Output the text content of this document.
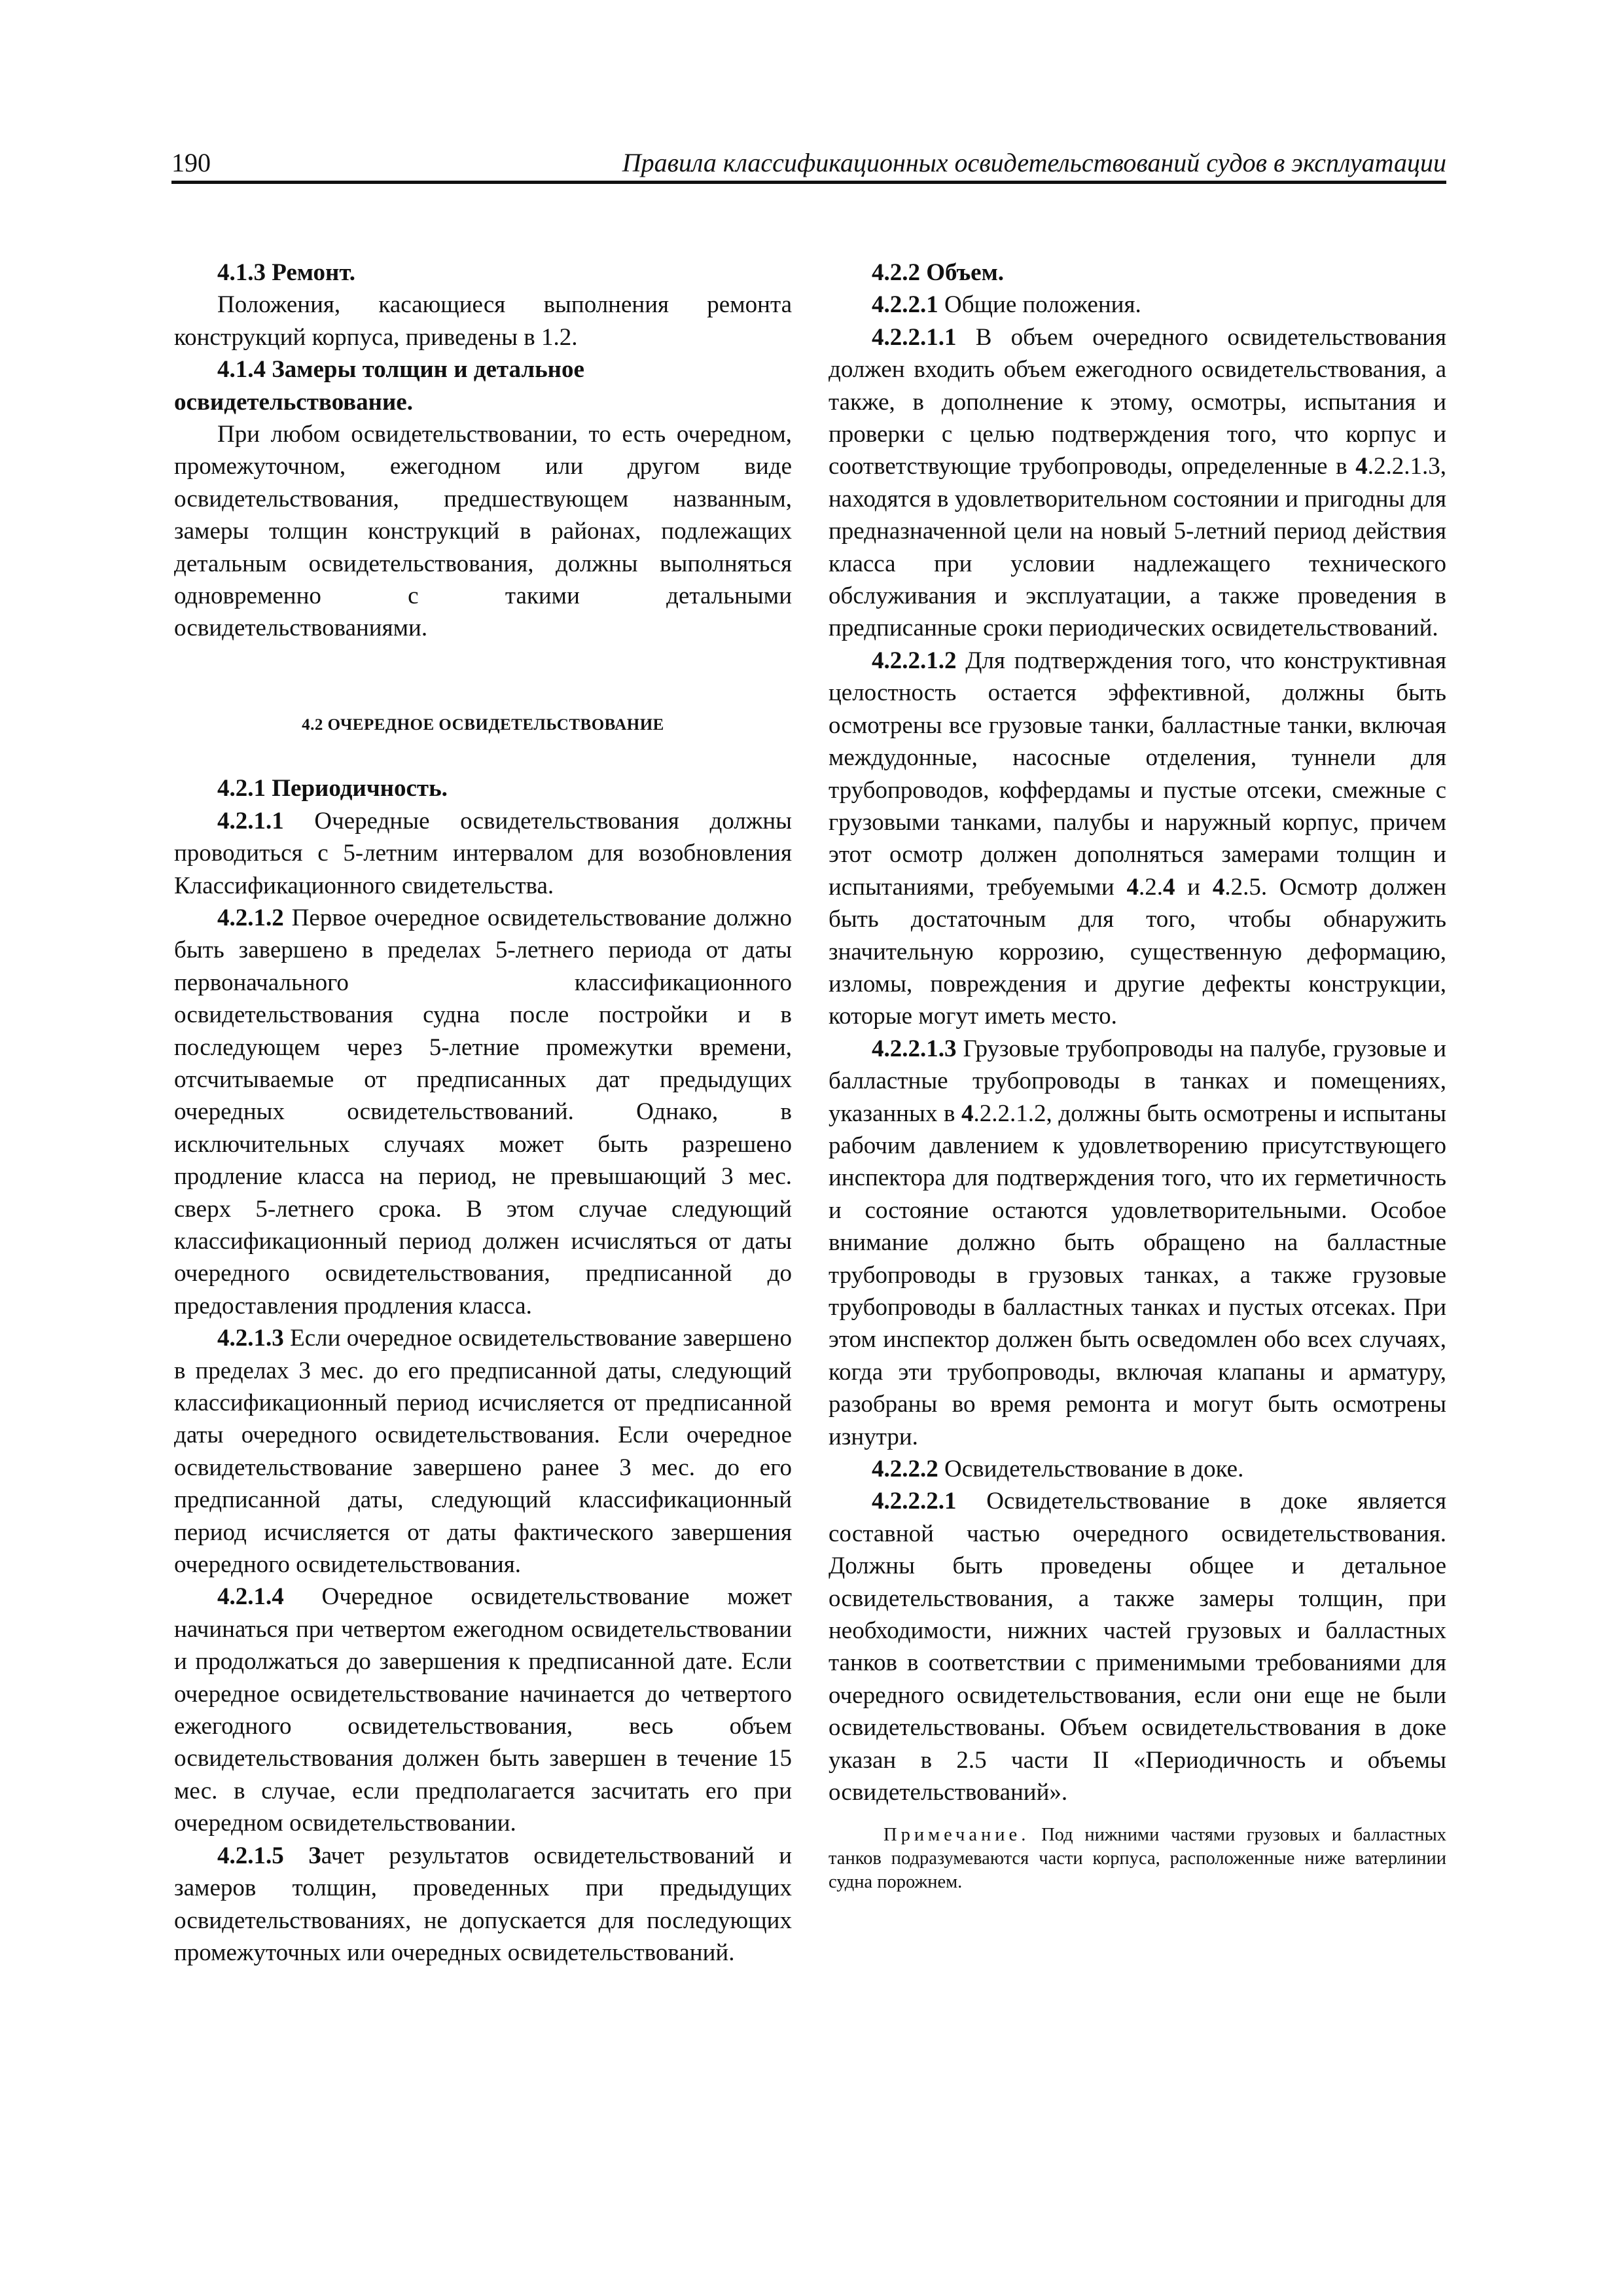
190	Правила классификационных освидетельствований судов в эксплуатации

4.1.3 Ремонт.

Положения, касающиеся выполнения ремонта конструкций корпуса, приведены в 1.2.

4.1.4 Замеры толщин и детальное освидетельствование.

При любом освидетельствовании, то есть очередном, промежуточном, ежегодном или другом виде освидетельствования, предшествующем названным, замеры толщин конструкций в районах, подлежащих детальным освидетельствования, должны выполняться одновременно с такими детальными освидетельствованиями.

4.2 ОЧЕРЕДНОЕ ОСВИДЕТЕЛЬСТВОВАНИЕ

4.2.1 Периодичность.

4.2.1.1 Очередные освидетельствования должны проводиться с 5-летним интервалом для возобновления Классификационного свидетельства.

4.2.1.2 Первое очередное освидетельствование должно быть завершено в пределах 5-летнего периода от даты первоначального классификационного освидетельствования судна после постройки и в последующем через 5-летние промежутки времени, отсчитываемые от предписанных дат предыдущих очередных освидетельствований. Однако, в исключительных случаях может быть разрешено продление класса на период, не превышающий 3 мес. сверх 5-летнего срока. В этом случае следующий классификационный период должен исчисляться от даты очередного освидетельствования, предписанной до предоставления продления класса.

4.2.1.3 Если очередное освидетельствование завершено в пределах 3 мес. до его предписанной даты, следующий классификационный период исчисляется от предписанной даты очередного освидетельствования. Если очередное освидетельствование завершено ранее 3 мес. до его предписанной даты, следующий классификационный период исчисляется от даты фактического завершения очередного освидетельствования.

4.2.1.4 Очередное освидетельствование может начинаться при четвертом ежегодном освидетельствовании и продолжаться до завершения к предписанной дате. Если очередное освидетельствование начинается до четвертого ежегодного освидетельствования, весь объем освидетельствования должен быть завершен в течение 15 мес. в случае, если предполагается засчитать его при очередном освидетельствовании.

4.2.1.5 Зачет результатов освидетельствований и замеров толщин, проведенных при предыдущих освидетельствованиях, не допускается для последующих промежуточных или очередных освидетельствований.

4.2.2 Объем.

4.2.2.1 Общие положения.

4.2.2.1.1 В объем очередного освидетельствования должен входить объем ежегодного освидетельствования, а также, в дополнение к этому, осмотры, испытания и проверки с целью подтверждения того, что корпус и соответствующие трубопроводы, определенные в 4.2.2.1.3, находятся в удовлетворительном состоянии и пригодны для предназначенной цели на новый 5-летний период действия класса при условии надлежащего технического обслуживания и эксплуатации, а также проведения в предписанные сроки периодических освидетельствований.

4.2.2.1.2 Для подтверждения того, что конструктивная целостность остается эффективной, должны быть осмотрены все грузовые танки, балластные танки, включая междудонные, насосные отделения, туннели для трубопроводов, коффердамы и пустые отсеки, смежные с грузовыми танками, палубы и наружный корпус, причем этот осмотр должен дополняться замерами толщин и испытаниями, требуемыми 4.2.4 и 4.2.5. Осмотр должен быть достаточным для того, чтобы обнаружить значительную коррозию, существенную деформацию, изломы, повреждения и другие дефекты конструкции, которые могут иметь место.

4.2.2.1.3 Грузовые трубопроводы на палубе, грузовые и балластные трубопроводы в танках и помещениях, указанных в 4.2.2.1.2, должны быть осмотрены и испытаны рабочим давлением к удовлетворению присутствующего инспектора для подтверждения того, что их герметичность и состояние остаются удовлетворительными. Особое внимание должно быть обращено на балластные трубопроводы в грузовых танках, а также грузовые трубопроводы в балластных танках и пустых отсеках. При этом инспектор должен быть осведомлен обо всех случаях, когда эти трубопроводы, включая клапаны и арматуру, разобраны во время ремонта и могут быть осмотрены изнутри.

4.2.2.2 Освидетельствование в доке.

4.2.2.2.1 Освидетельствование в доке является составной частью очередного освидетельствования. Должны быть проведены общее и детальное освидетельствования, а также замеры толщин, при необходимости, нижних частей грузовых и балластных танков в соответствии с применимыми требованиями для очередного освидетельствования, если они еще не были освидетельствованы. Объем освидетельствования в доке указан в 2.5 части II «Периодичность и объемы освидетельствований».

Примечание. Под нижними частями грузовых и балластных танков подразумеваются части корпуса, расположенные ниже ватерлинии судна порожнем.
